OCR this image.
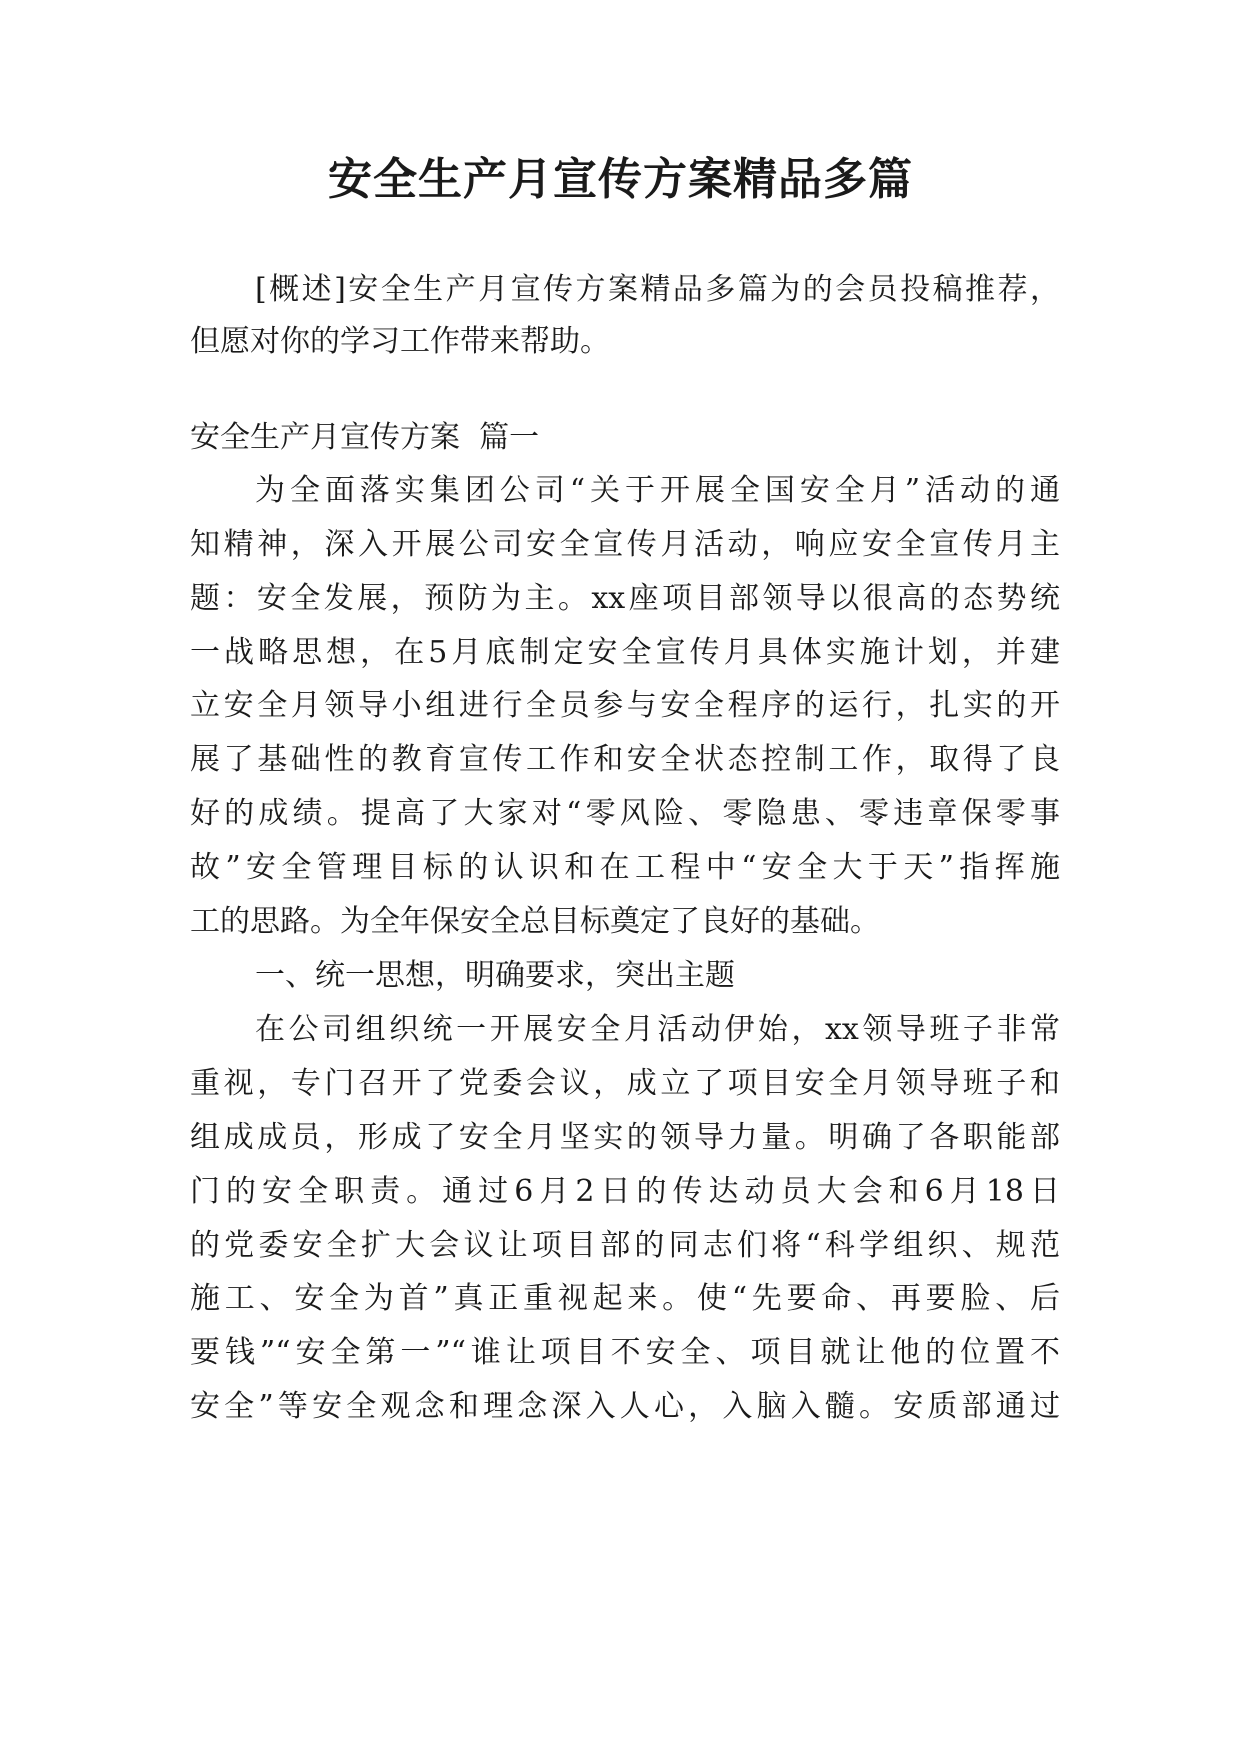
安全生产月宣传方案精品多篇
[概述]安全生产月宣传方案精品多篇为的会员投稿推荐，
但愿对你的学习工作带来帮助。
安全生产月宣传方案  篇一
为全面落实集团公司“关于开展全国安全月”活动的通
知精神，深入开展公司安全宣传月活动，响应安全宣传月主
题：安全发展，预防为主。xx座项目部领导以很高的态势统
一战略思想，在5月底制定安全宣传月具体实施计划，并建
立安全月领导小组进行全员参与安全程序的运行，扎实的开
展了基础性的教育宣传工作和安全状态控制工作，取得了良
好的成绩。提高了大家对“零风险、零隐患、零违章保零事
故”安全管理目标的认识和在工程中“安全大于天”指挥施
工的思路。为全年保安全总目标奠定了良好的基础。
一、统一思想，明确要求，突出主题
在公司组织统一开展安全月活动伊始，xx领导班子非常
重视，专门召开了党委会议，成立了项目安全月领导班子和
组成成员，形成了安全月坚实的领导力量。明确了各职能部
门的安全职责。通过6月2日的传达动员大会和6月18日
的党委安全扩大会议让项目部的同志们将“科学组织、规范
施工、安全为首”真正重视起来。使“先要命、再要脸、后
要钱”“安全第一”“谁让项目不安全、项目就让他的位置不
安全”等安全观念和理念深入人心，入脑入髓。安质部通过
